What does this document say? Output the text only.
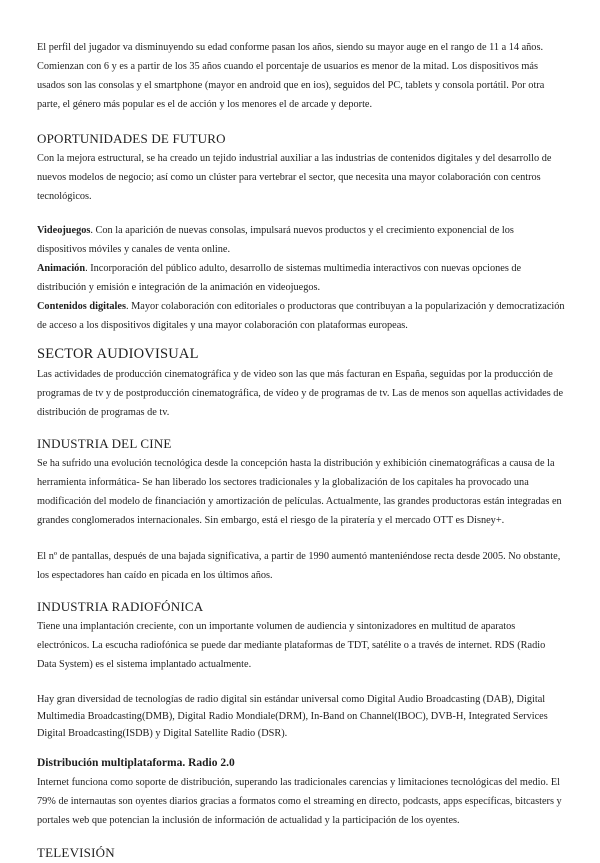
El perfil del jugador va disminuyendo su edad conforme pasan los años, siendo su mayor auge en el rango de 11 a 14 años. Comienzan con 6 y es a partir de los 35 años cuando el porcentaje de usuarios es menor de la mitad. Los dispositivos más usados son las consolas y el smartphone (mayor en android que en ios), seguidos del PC, tablets y consola portátil. Por otra parte, el género más popular es el de acción y los menores el de arcade y deporte.

OPORTUNIDADES DE FUTURO

Con la mejora estructural, se ha creado un tejido industrial auxiliar a las industrias de contenidos digitales y del desarrollo de nuevos modelos de negocio; así como un clúster para vertebrar el sector, que necesita una mayor colaboración con centros tecnológicos.

Videojuegos. Con la aparición de nuevas consolas, impulsará nuevos productos y el crecimiento exponencial de los dispositivos móviles y canales de venta online.

Animación. Incorporación del público adulto, desarrollo de sistemas multimedia interactivos con nuevas opciones de distribución y emisión e integración de la animación en videojuegos.

Contenidos digitales. Mayor colaboración con editoriales o productoras que contribuyan a la popularización y democratización de acceso a los dispositivos digitales y una mayor colaboración con plataformas europeas.

SECTOR AUDIOVISUAL

Las actividades de producción cinematográfica y de video son las que más facturan en España, seguidas por la producción de programas de tv y de postproducción cinematográfica, de vídeo y de programas de tv. Las de menos son aquellas actividades de distribución de programas de tv.

INDUSTRIA DEL CINE

Se ha sufrido una evolución tecnológica desde la concepción hasta la distribución y exhibición cinematográficas a causa de la herramienta informática- Se han liberado los sectores tradicionales y la globalización de los capitales ha provocado una modificación del modelo de financiación y amortización de películas. Actualmente, las grandes productoras están integradas en grandes conglomerados internacionales. Sin embargo, está el riesgo de la piratería y el mercado OTT es Disney+.

El nº de pantallas, después de una bajada significativa, a partir de 1990 aumentó manteniéndose recta desde 2005. No obstante, los espectadores han caído en picada en los últimos años.

INDUSTRIA RADIOFÓNICA

Tiene una implantación creciente, con un importante volumen de audiencia y sintonizadores en multitud de aparatos electrónicos. La escucha radiofónica se puede dar mediante plataformas de TDT, satélite o a través de internet. RDS (Radio Data System) es el sistema implantado actualmente.

Hay gran diversidad de tecnologías de radio digital sin estándar universal como Digital Audio Broadcasting (DAB), Digital Multimedia Broadcasting(DMB), Digital Radio Mondiale(DRM), In-Band on Channel(IBOC), DVB-H, Integrated Services Digital Broadcasting(ISDB) y Digital Satellite Radio (DSR).

Distribución multiplataforma. Radio 2.0

Internet funciona como soporte de distribución, superando las tradicionales carencias y limitaciones tecnológicas del medio. El 79% de internautas son oyentes diarios gracias a formatos como el streaming en directo, podcasts, apps específicas, bitcasters y portales web que potencian la inclusión de información de actualidad y la participación de los oyentes.

TELEVISIÓN
